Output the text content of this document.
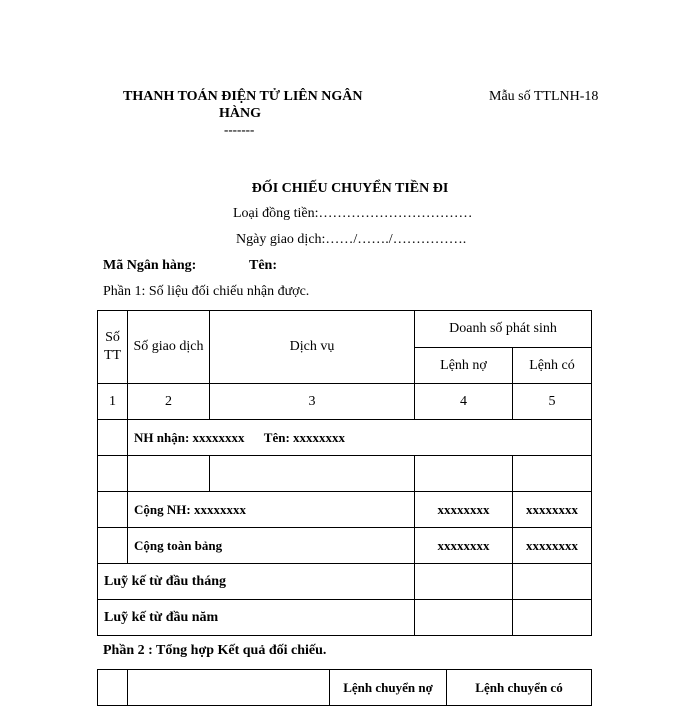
THANH TOÁN ĐIỆN TỬ LIÊN NGÂN
HÀNG
-------
Mẫu số TTLNH-18
ĐỐI CHIẾU CHUYỂN TIỀN ĐI
Loại đồng tiền:……………………………
Ngày giao dịch:……/……./…………….
Mã Ngân hàng:	Tên:
Phần 1: Số liệu đối chiếu nhận được.
Số TT	Số giao dịch	Dịch vụ	Doanh số phát sinh	
			Lệnh nợ	Lệnh có
1	2	3	4	5
	NH nhận: xxxxxxxx      Tên: xxxxxxxx			

	Cộng NH: xxxxxxxx		xxxxxxxx	xxxxxxxx
	Cộng toàn bảng		xxxxxxxx	xxxxxxxx
Luỹ kế từ đầu tháng				
Luỹ kế từ đầu năm				
Phần 2 : Tổng hợp Kết quả đối chiếu.
		Lệnh chuyển nợ	Lệnh chuyển có
